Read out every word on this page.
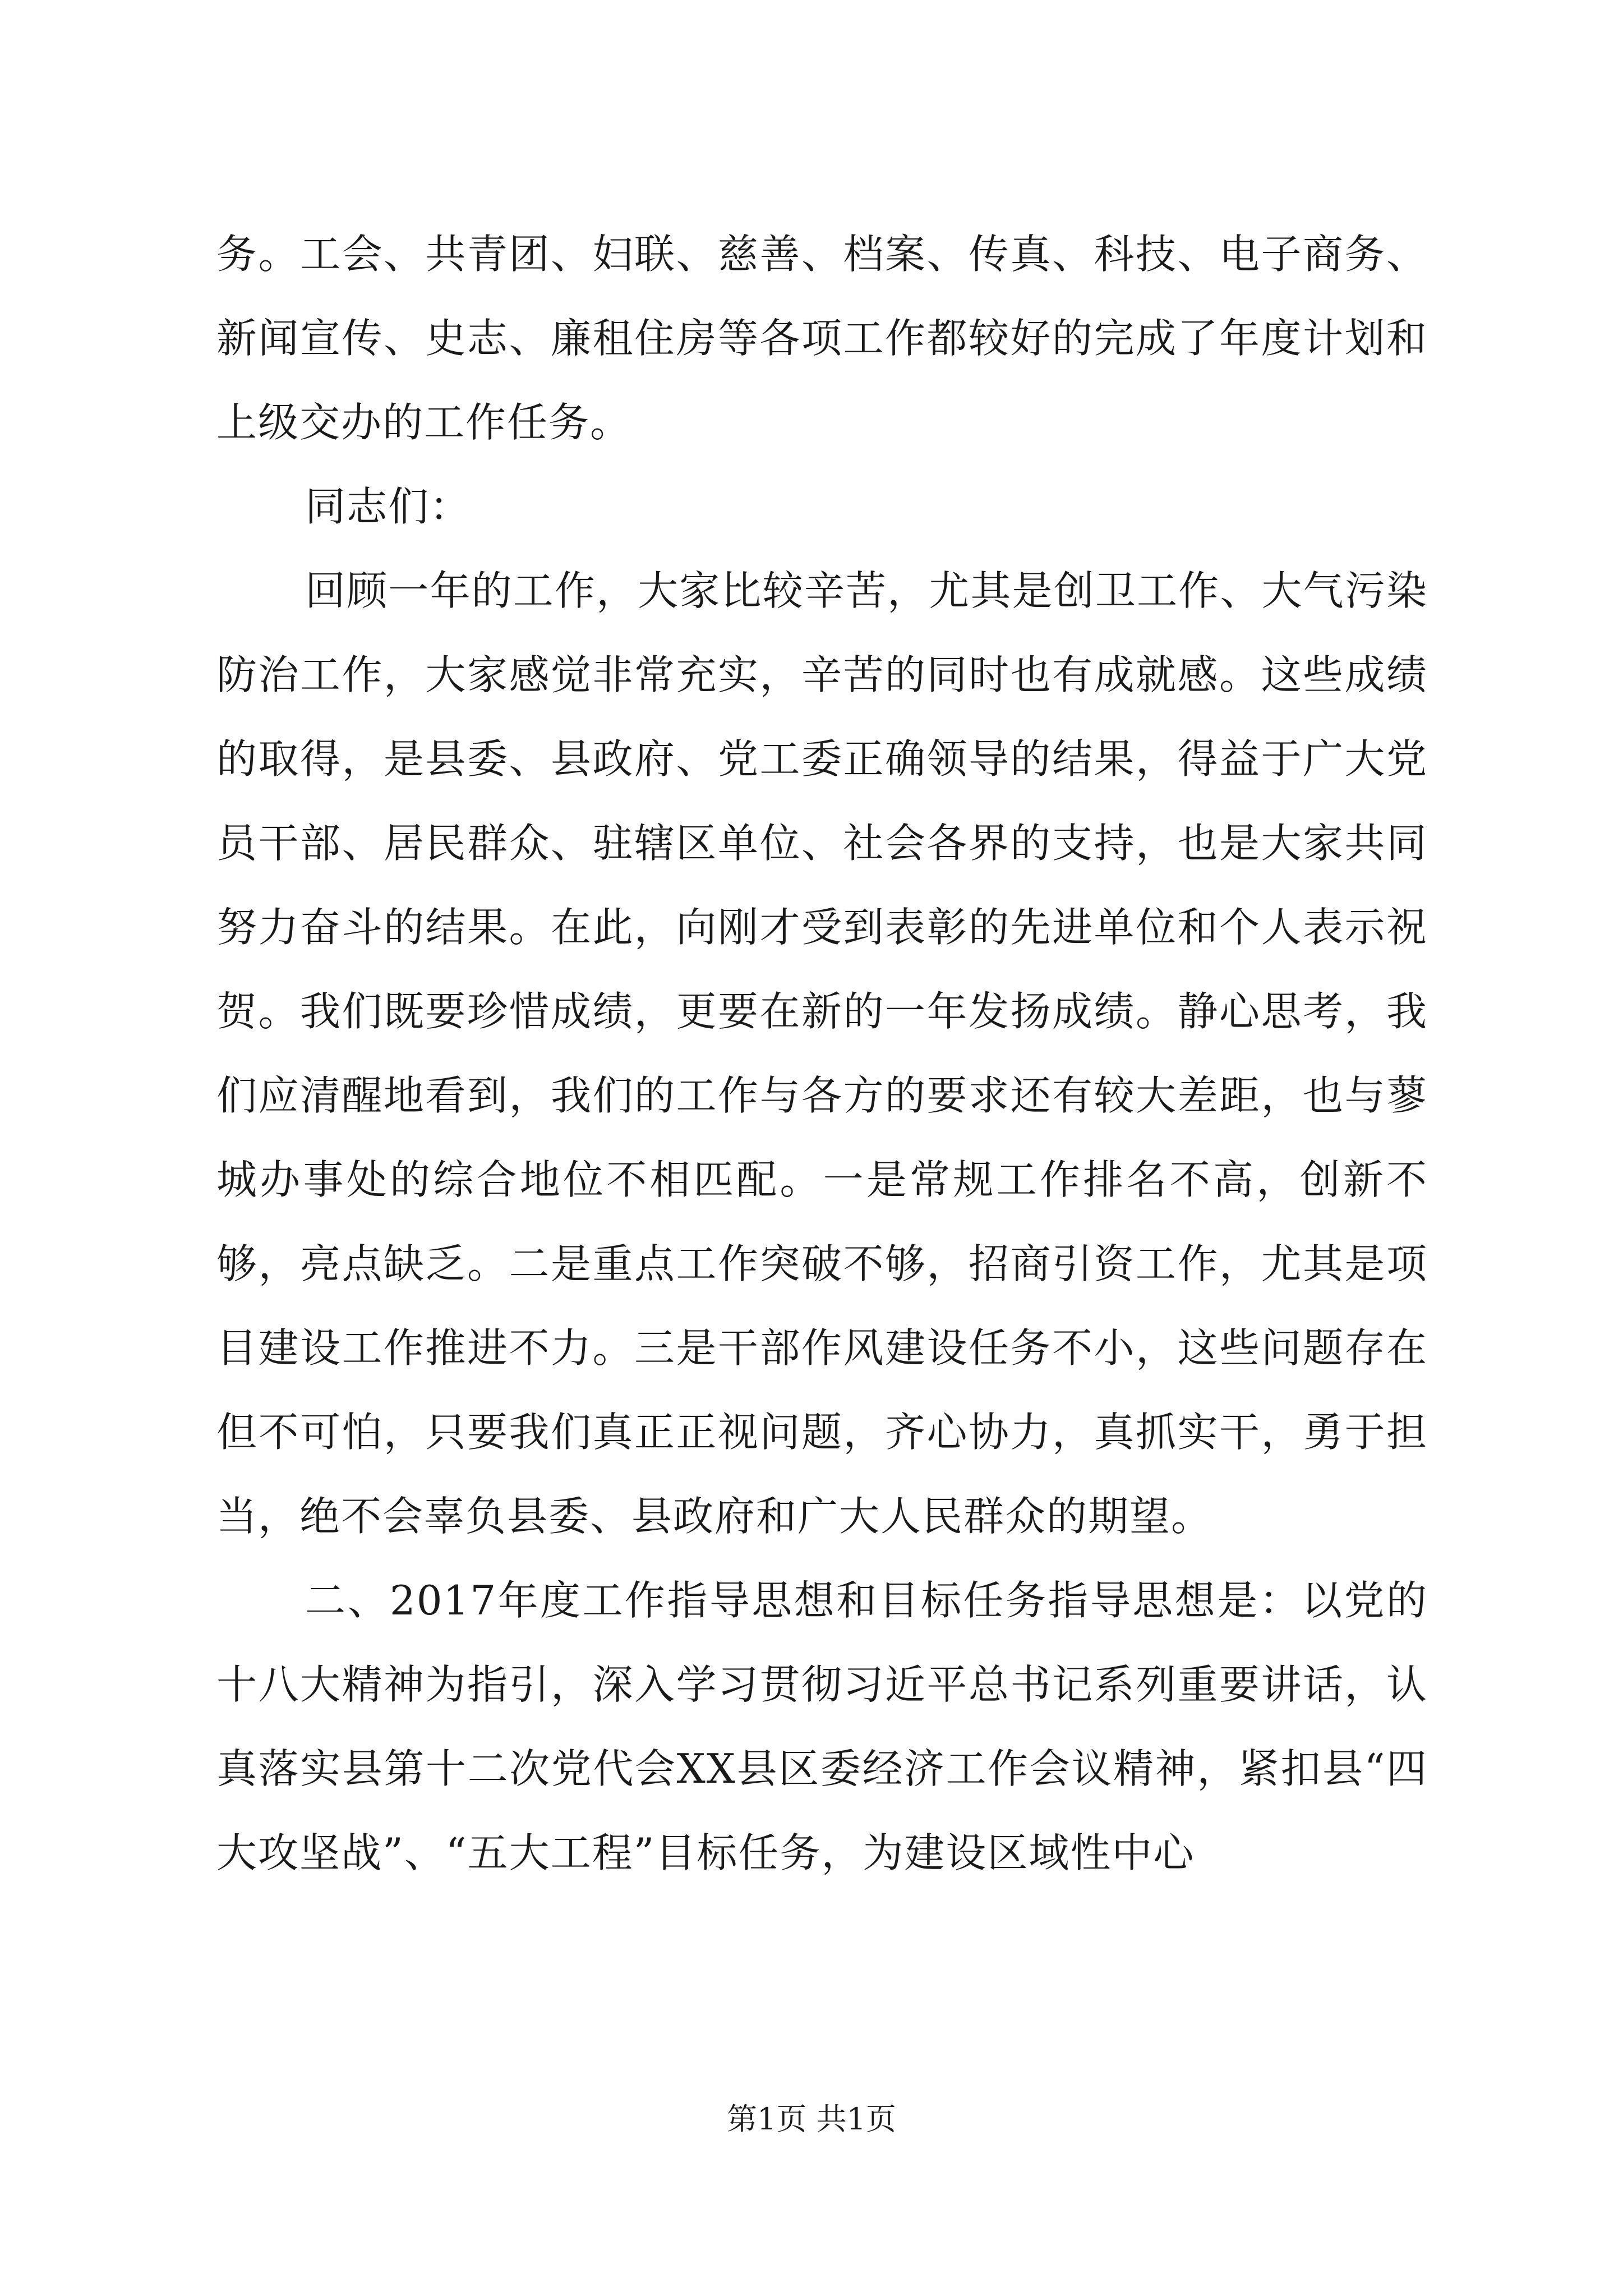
务。工会、共青团、妇联、慈善、档案、传真、科技、电子商务、新闻宣传、史志、廉租住房等各项工作都较好的完成了年度计划和上级交办的工作任务。

同志们：

回顾一年的工作，大家比较辛苦，尤其是创卫工作、大气污染防治工作，大家感觉非常充实，辛苦的同时也有成就感。这些成绩的取得，是县委、县政府、党工委正确领导的结果，得益于广大党员干部、居民群众、驻辖区单位、社会各界的支持，也是大家共同努力奋斗的结果。在此，向刚才受到表彰的先进单位和个人表示祝贺。我们既要珍惜成绩，更要在新的一年发扬成绩。静心思考，我们应清醒地看到，我们的工作与各方的要求还有较大差距，也与蓼城办事处的综合地位不相匹配。一是常规工作排名不高，创新不够，亮点缺乏。二是重点工作突破不够，招商引资工作，尤其是项目建设工作推进不力。三是干部作风建设任务不小，这些问题存在但不可怕，只要我们真正正视问题，齐心协力，真抓实干，勇于担当，绝不会辜负县委、县政府和广大人民群众的期望。

二、2017年度工作指导思想和目标任务指导思想是：以党的十八大精神为指引，深入学习贯彻习近平总书记系列重要讲话，认真落实县第十二次党代会XX县区委经济工作会议精神，紧扣县“四大攻坚战”、“五大工程”目标任务，为建设区域性中心

第1页 共1页
